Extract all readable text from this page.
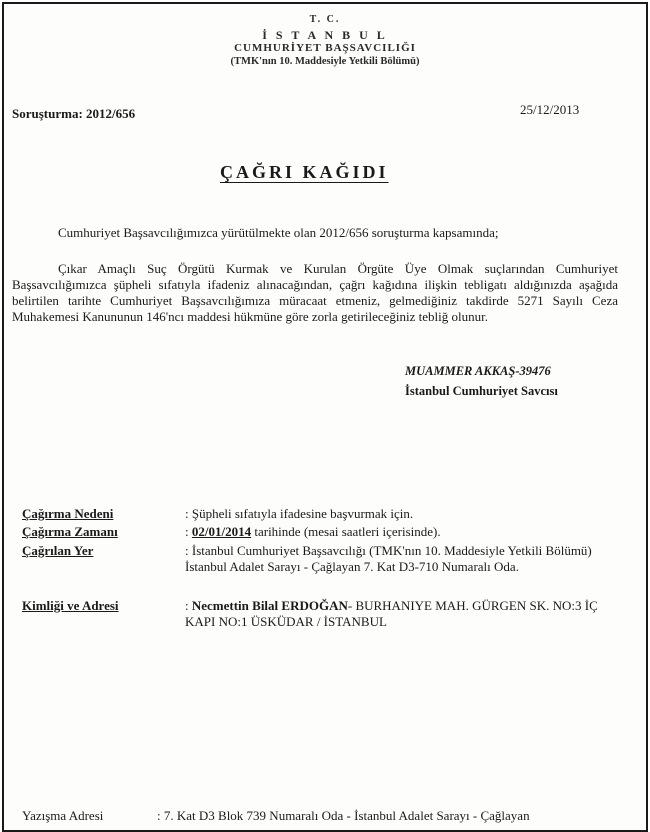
T. C.
İ S T A N B U L
CUMHURİYET BAŞSAVCILIĞI
(TMK'nın 10. Maddesiyle Yetkili Bölümü)
Soruşturma: 2012/656	25/12/2013
ÇAĞRI KAĞIDI
Cumhuriyet Başsavcılığımızca yürütülmekte olan 2012/656 soruşturma kapsamında;
Çıkar Amaçlı Suç Örgütü Kurmak ve Kurulan Örgüte Üye Olmak suçlarından Cumhuriyet Başsavcılığımızca şüpheli sıfatıyla ifadeniz alınacağından, çağrı kağıdına ilişkin tebligatı aldığınızda aşağıda belirtilen tarihte Cumhuriyet Başsavcılığımıza müracaat etmeniz, gelmediğiniz takdirde 5271 Sayılı Ceza Muhakemesi Kanununun 146'ncı maddesi hükmüne göre zorla getirileceğiniz tebliğ olunur.
MUAMMER AKKAŞ-39476
İstanbul Cumhuriyet Savcısı
Çağırma Nedeni	: Şüpheli sıfatıyla ifadesine başvurmak için.
Çağırma Zamanı	: 02/01/2014 tarihinde (mesai saatleri içerisinde).
Çağrılan Yer	: İstanbul Cumhuriyet Başsavcılığı (TMK'nın 10. Maddesiyle Yetkili Bölümü) İstanbul Adalet Sarayı - Çağlayan 7. Kat D3-710 Numaralı Oda.
Kimliği ve Adresi	: Necmettin Bilal ERDOĞAN- BURHANIYE MAH. GÜRGEN SK. NO:3 İÇ KAPI NO:1 ÜSKÜDAR / İSTANBUL
Yazışma Adresi	: 7. Kat D3 Blok 739 Numaralı Oda - İstanbul Adalet Sarayı - Çağlayan
